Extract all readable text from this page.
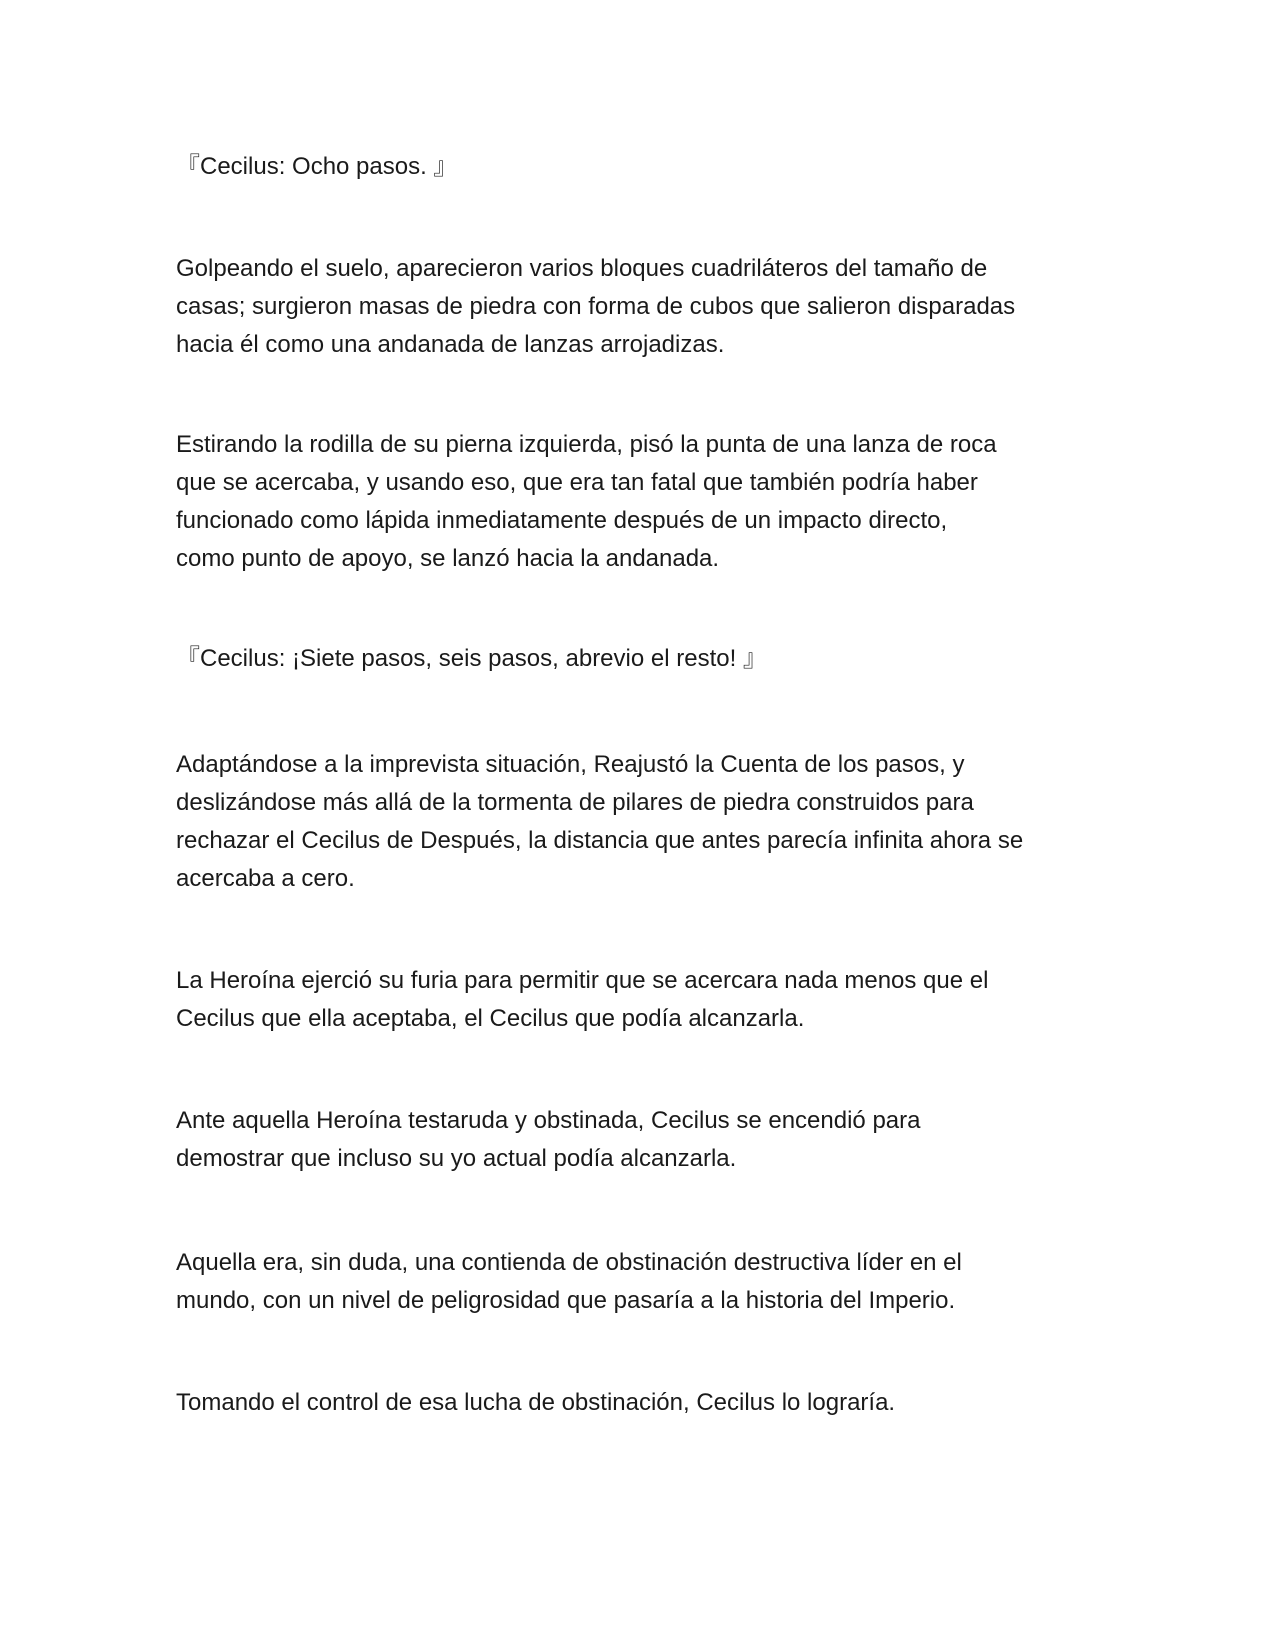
『Cecilus: Ocho pasos. 』

Golpeando el suelo, aparecieron varios bloques cuadriláteros del tamaño de
casas; surgieron masas de piedra con forma de cubos que salieron disparadas
hacia él como una andanada de lanzas arrojadizas.

Estirando la rodilla de su pierna izquierda, pisó la punta de una lanza de roca
que se acercaba, y usando eso, que era tan fatal que también podría haber
funcionado como lápida inmediatamente después de un impacto directo,
como punto de apoyo, se lanzó hacia la andanada.

『Cecilus: ¡Siete pasos, seis pasos, abrevio el resto! 』

Adaptándose a la imprevista situación, Reajustó la Cuenta de los pasos, y
deslizándose más allá de la tormenta de pilares de piedra construidos para
rechazar el Cecilus de Después, la distancia que antes parecía infinita ahora se
acercaba a cero.

La Heroína ejerció su furia para permitir que se acercara nada menos que el
Cecilus que ella aceptaba, el Cecilus que podía alcanzarla.

Ante aquella Heroína testaruda y obstinada, Cecilus se encendió para
demostrar que incluso su yo actual podía alcanzarla.

Aquella era, sin duda, una contienda de obstinación destructiva líder en el
mundo, con un nivel de peligrosidad que pasaría a la historia del Imperio.

Tomando el control de esa lucha de obstinación, Cecilus lo lograría.
